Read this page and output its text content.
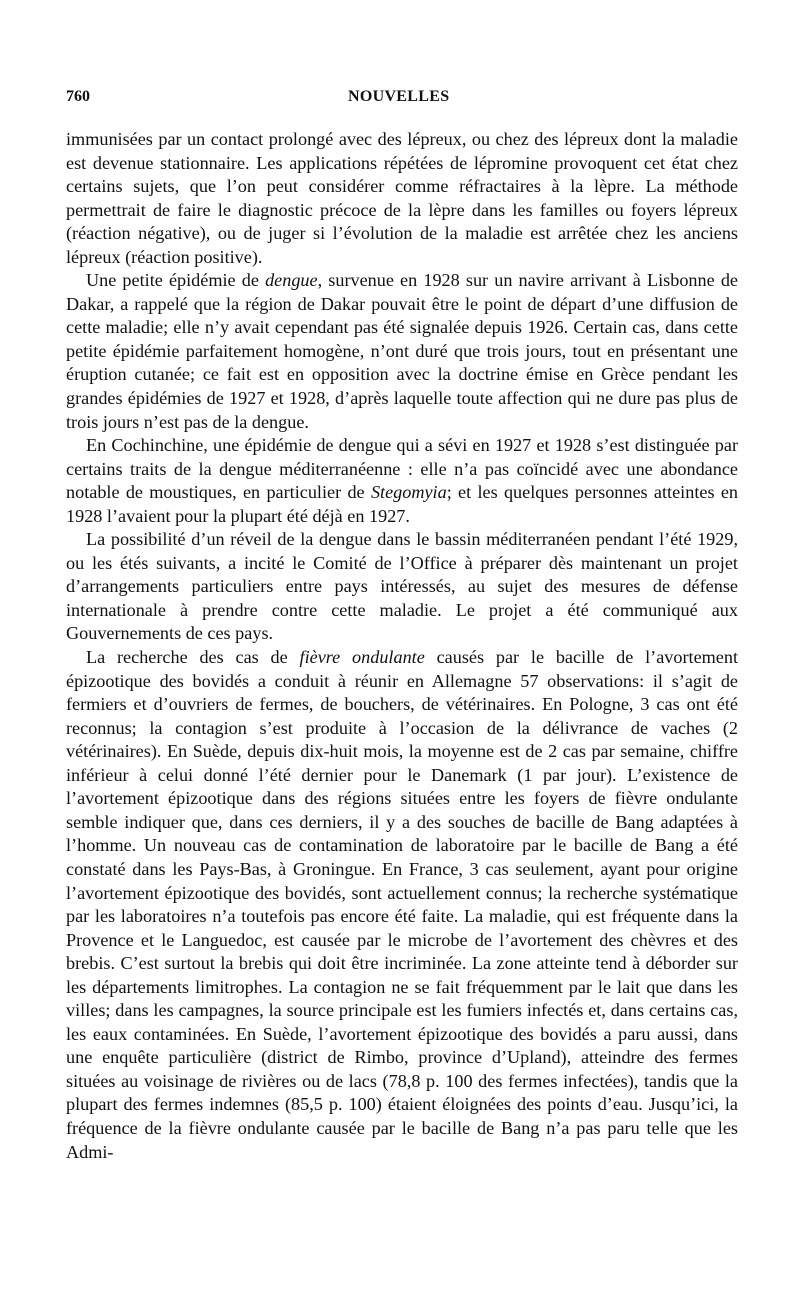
760	NOUVELLES

immunisées par un contact prolongé avec des lépreux, ou chez des lépreux dont la maladie est devenue stationnaire. Les applications répétées de lépromine provoquent cet état chez certains sujets, que l’on peut considérer comme réfractaires à la lèpre. La méthode permettrait de faire le diagnostic précoce de la lèpre dans les familles ou foyers lépreux (réaction négative), ou de juger si l’évolution de la maladie est arrêtée chez les anciens lépreux (réaction positive).

Une petite épidémie de dengue, survenue en 1928 sur un navire arrivant à Lisbonne de Dakar, a rappelé que la région de Dakar pouvait être le point de départ d’une diffusion de cette maladie; elle n’y avait cependant pas été signalée depuis 1926. Certain cas, dans cette petite épidémie parfaitement homogène, n’ont duré que trois jours, tout en présentant une éruption cutanée; ce fait est en opposition avec la doctrine émise en Grèce pendant les grandes épidémies de 1927 et 1928, d’après laquelle toute affection qui ne dure pas plus de trois jours n’est pas de la dengue.

En Cochinchine, une épidémie de dengue qui a sévi en 1927 et 1928 s’est distinguée par certains traits de la dengue méditerranéenne : elle n’a pas coïncidé avec une abondance notable de moustiques, en particulier de Stegomyia; et les quelques personnes atteintes en 1928 l’avaient pour la plupart été déjà en 1927.

La possibilité d’un réveil de la dengue dans le bassin méditerranéen pendant l’été 1929, ou les étés suivants, a incité le Comité de l’Office à préparer dès maintenant un projet d’arrangements particuliers entre pays intéressés, au sujet des mesures de défense internationale à prendre contre cette maladie. Le projet a été communiqué aux Gouvernements de ces pays.

La recherche des cas de fièvre ondulante causés par le bacille de l’avortement épizootique des bovidés a conduit à réunir en Allemagne 57 observations: il s’agit de fermiers et d’ouvriers de fermes, de bouchers, de vétérinaires. En Pologne, 3 cas ont été reconnus; la contagion s’est produite à l’occasion de la délivrance de vaches (2 vétérinaires). En Suède, depuis dix-huit mois, la moyenne est de 2 cas par semaine, chiffre inférieur à celui donné l’été dernier pour le Danemark (1 par jour). L’existence de l’avortement épizootique dans des régions situées entre les foyers de fièvre ondulante semble indiquer que, dans ces derniers, il y a des souches de bacille de Bang adaptées à l’homme. Un nouveau cas de contamination de laboratoire par le bacille de Bang a été constaté dans les Pays-Bas, à Groningue. En France, 3 cas seulement, ayant pour origine l’avortement épizootique des bovidés, sont actuellement connus; la recherche systématique par les laboratoires n’a toutefois pas encore été faite. La maladie, qui est fréquente dans la Provence et le Languedoc, est causée par le microbe de l’avortement des chèvres et des brebis. C’est surtout la brebis qui doit être incriminée. La zone atteinte tend à déborder sur les départements limitrophes. La contagion ne se fait fréquemment par le lait que dans les villes; dans les campagnes, la source principale est les fumiers infectés et, dans certains cas, les eaux contaminées. En Suède, l’avortement épizootique des bovidés a paru aussi, dans une enquête particulière (district de Rimbo, province d’Upland), atteindre des fermes situées au voisinage de rivières ou de lacs (78,8 p. 100 des fermes infectées), tandis que la plupart des fermes indemnes (85,5 p. 100) étaient éloignées des points d’eau. Jusqu’ici, la fréquence de la fièvre ondulante causée par le bacille de Bang n’a pas paru telle que les Admi-
